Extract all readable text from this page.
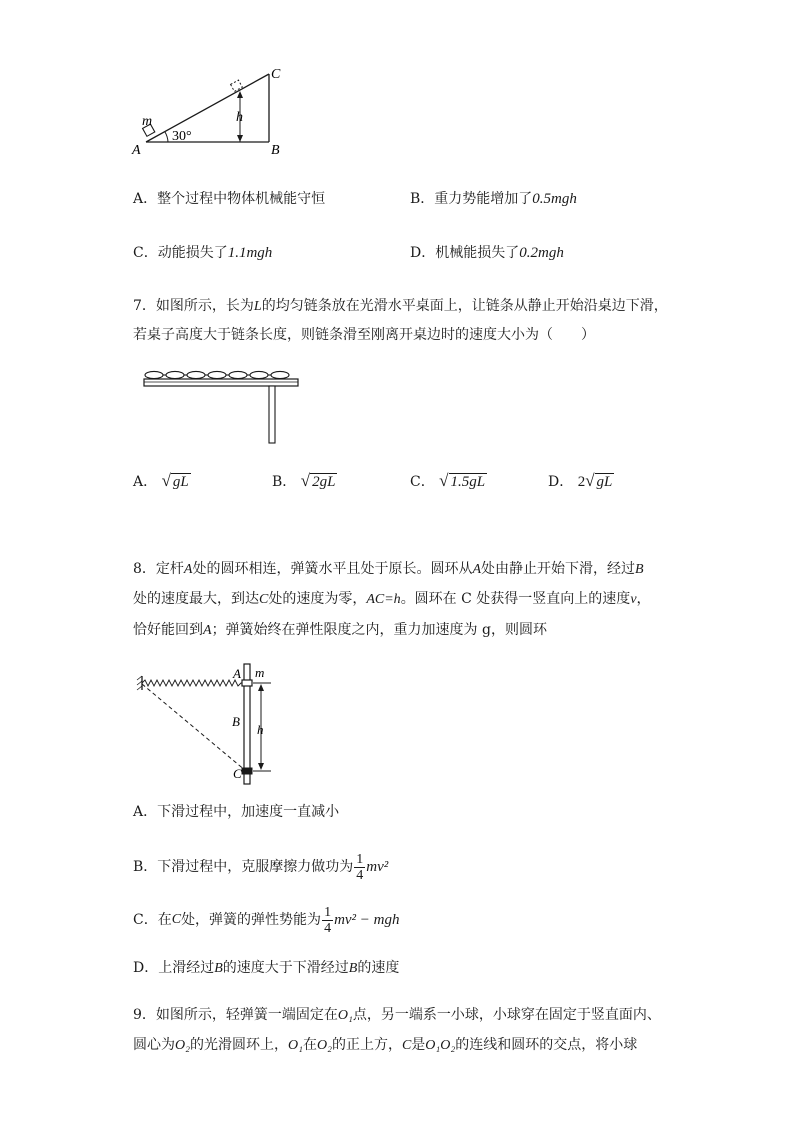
m
A
30°
h
C
B
A．整个过程中物体机械能守恒	B．重力势能增加了0.5mgh
C．动能损失了1.1mgh	D．机械能损失了0.2mgh
7．如图所示，长为L的均匀链条放在光滑水平桌面上，让链条从静止开始沿桌边下滑，
若桌子高度大于链条长度，则链条滑至刚离开桌边时的速度大小为（　　）
A． √ gL	B． √ 2gL	C． √ 1.5gL	D． 2√ gL
8．定杆A处的圆环相连，弹簧水平且处于原长。圆环从A处由静止开始下滑，经过B
处的速度最大，到达C处的速度为零，AC=h。圆环在 C 处获得一竖直向上的速度v，
恰好能回到A；弹簧始终在弹性限度之内，重力加速度为 g，则圆环
A m
B
h
C
A．下滑过程中，加速度一直减小
B．下滑过程中，克服摩擦力做功为 $\frac{1}{4} mv^2$
C．在 C 处，弹簧的弹性势能为 $\frac{1}{4} mv^2$ − mgh
D．上滑经过B的速度大于下滑经过B的速度
9．如图所示，轻弹簧一端固定在O₁点，另一端系一小球，小球穿在固定于竖直面内、
圆心为O₂的光滑圆环上，O₁在O₂的正上方，C是O₁O₂的连线和圆环的交点，将小球
